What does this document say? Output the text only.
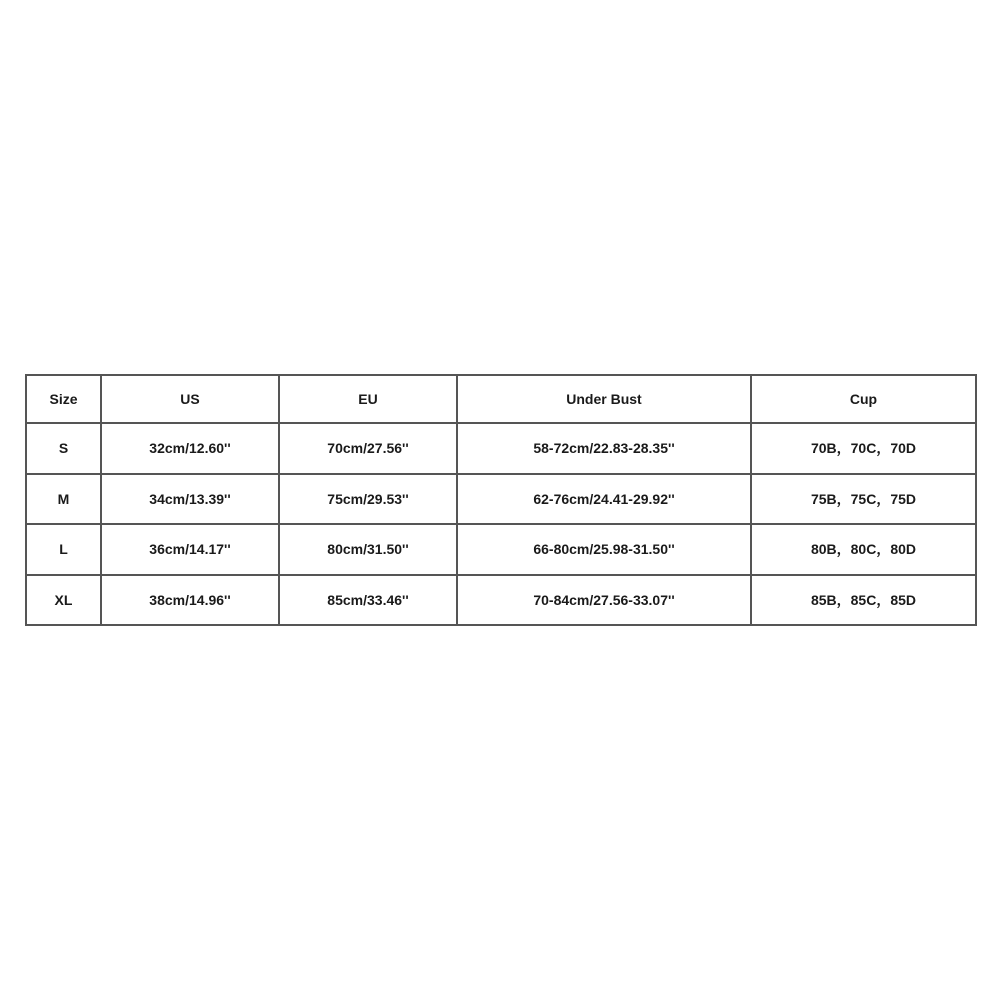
Size	US	EU	Under Bust	Cup
S	32cm/12.60''	70cm/27.56''	58-72cm/22.83-28.35''	70B，70C，70D
M	34cm/13.39''	75cm/29.53''	62-76cm/24.41-29.92''	75B，75C，75D
L	36cm/14.17''	80cm/31.50''	66-80cm/25.98-31.50''	80B，80C，80D
XL	38cm/14.96''	85cm/33.46''	70-84cm/27.56-33.07''	85B，85C，85D
